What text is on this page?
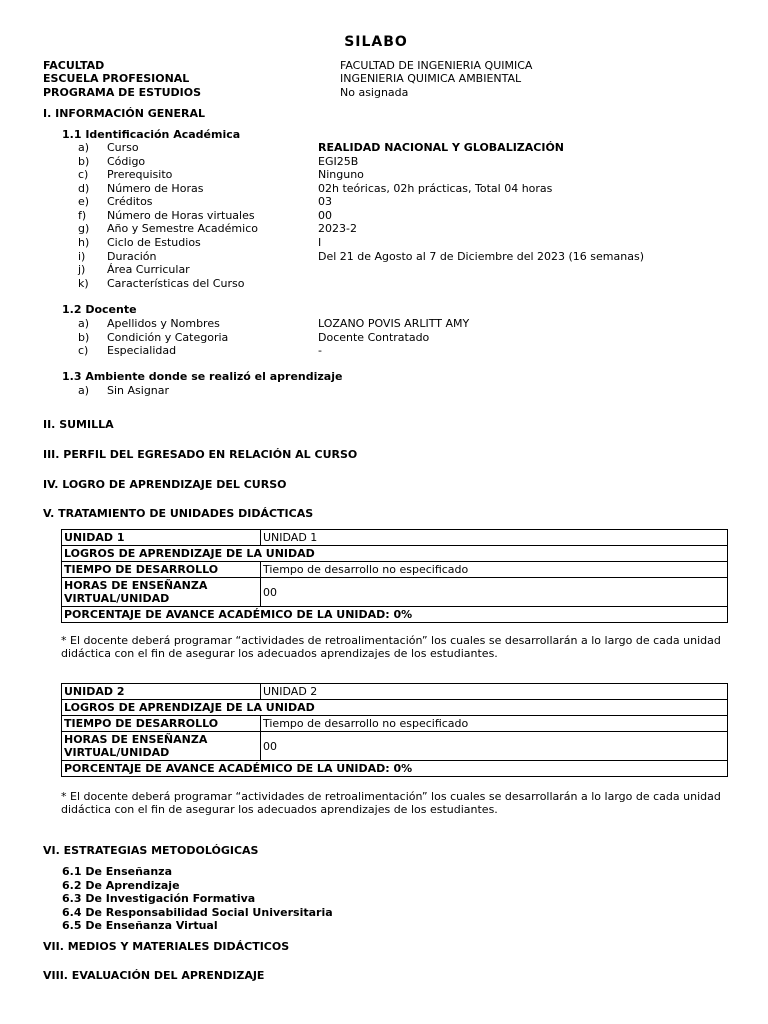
SILABO
FACULTAD	FACULTAD DE INGENIERIA QUIMICA
ESCUELA PROFESIONAL	INGENIERIA QUIMICA AMBIENTAL
PROGRAMA DE ESTUDIOS	No asignada
I. INFORMACIÓN GENERAL
1.1 Identificación Académica
a) Curso	REALIDAD NACIONAL Y GLOBALIZACIÓN
b) Código	EGI25B
c) Prerequisito	Ninguno
d) Número de Horas	02h teóricas, 02h prácticas, Total 04 horas
e) Créditos	03
f) Número de Horas virtuales	00
g) Año y Semestre Académico	2023-2
h) Ciclo de Estudios	I
i) Duración	Del 21 de Agosto al 7 de Diciembre del 2023 (16 semanas)
j) Área Curricular
k) Características del Curso
1.2 Docente
a) Apellidos y Nombres	LOZANO POVIS ARLITT AMY
b) Condición y Categoria	Docente Contratado
c) Especialidad	-
1.3 Ambiente donde se realizó el aprendizaje
a) Sin Asignar
II. SUMILLA
III. PERFIL DEL EGRESADO EN RELACIÓN AL CURSO
IV. LOGRO DE APRENDIZAJE DEL CURSO
V. TRATAMIENTO DE UNIDADES DIDÁCTICAS
UNIDAD 1	UNIDAD 1
LOGROS DE APRENDIZAJE DE LA UNIDAD	
TIEMPO DE DESARROLLO	Tiempo de desarrollo no especificado
HORAS DE ENSEÑANZA VIRTUAL/UNIDAD	00
PORCENTAJE DE AVANCE ACADÉMICO DE LA UNIDAD: 0%	
* El docente deberá programar “actividades de retroalimentación” los cuales se desarrollarán a lo largo de cada unidad didáctica con el fin de asegurar los adecuados aprendizajes de los estudiantes.
UNIDAD 2	UNIDAD 2
LOGROS DE APRENDIZAJE DE LA UNIDAD	
TIEMPO DE DESARROLLO	Tiempo de desarrollo no especificado
HORAS DE ENSEÑANZA VIRTUAL/UNIDAD	00
PORCENTAJE DE AVANCE ACADÉMICO DE LA UNIDAD: 0%	
* El docente deberá programar “actividades de retroalimentación” los cuales se desarrollarán a lo largo de cada unidad didáctica con el fin de asegurar los adecuados aprendizajes de los estudiantes.
VI. ESTRATEGIAS METODOLÓGICAS
6.1 De Enseñanza
6.2 De Aprendizaje
6.3 De Investigación Formativa
6.4 De Responsabilidad Social Universitaria
6.5 De Enseñanza Virtual
VII. MEDIOS Y MATERIALES DIDÁCTICOS
VIII. EVALUACIÓN DEL APRENDIZAJE
